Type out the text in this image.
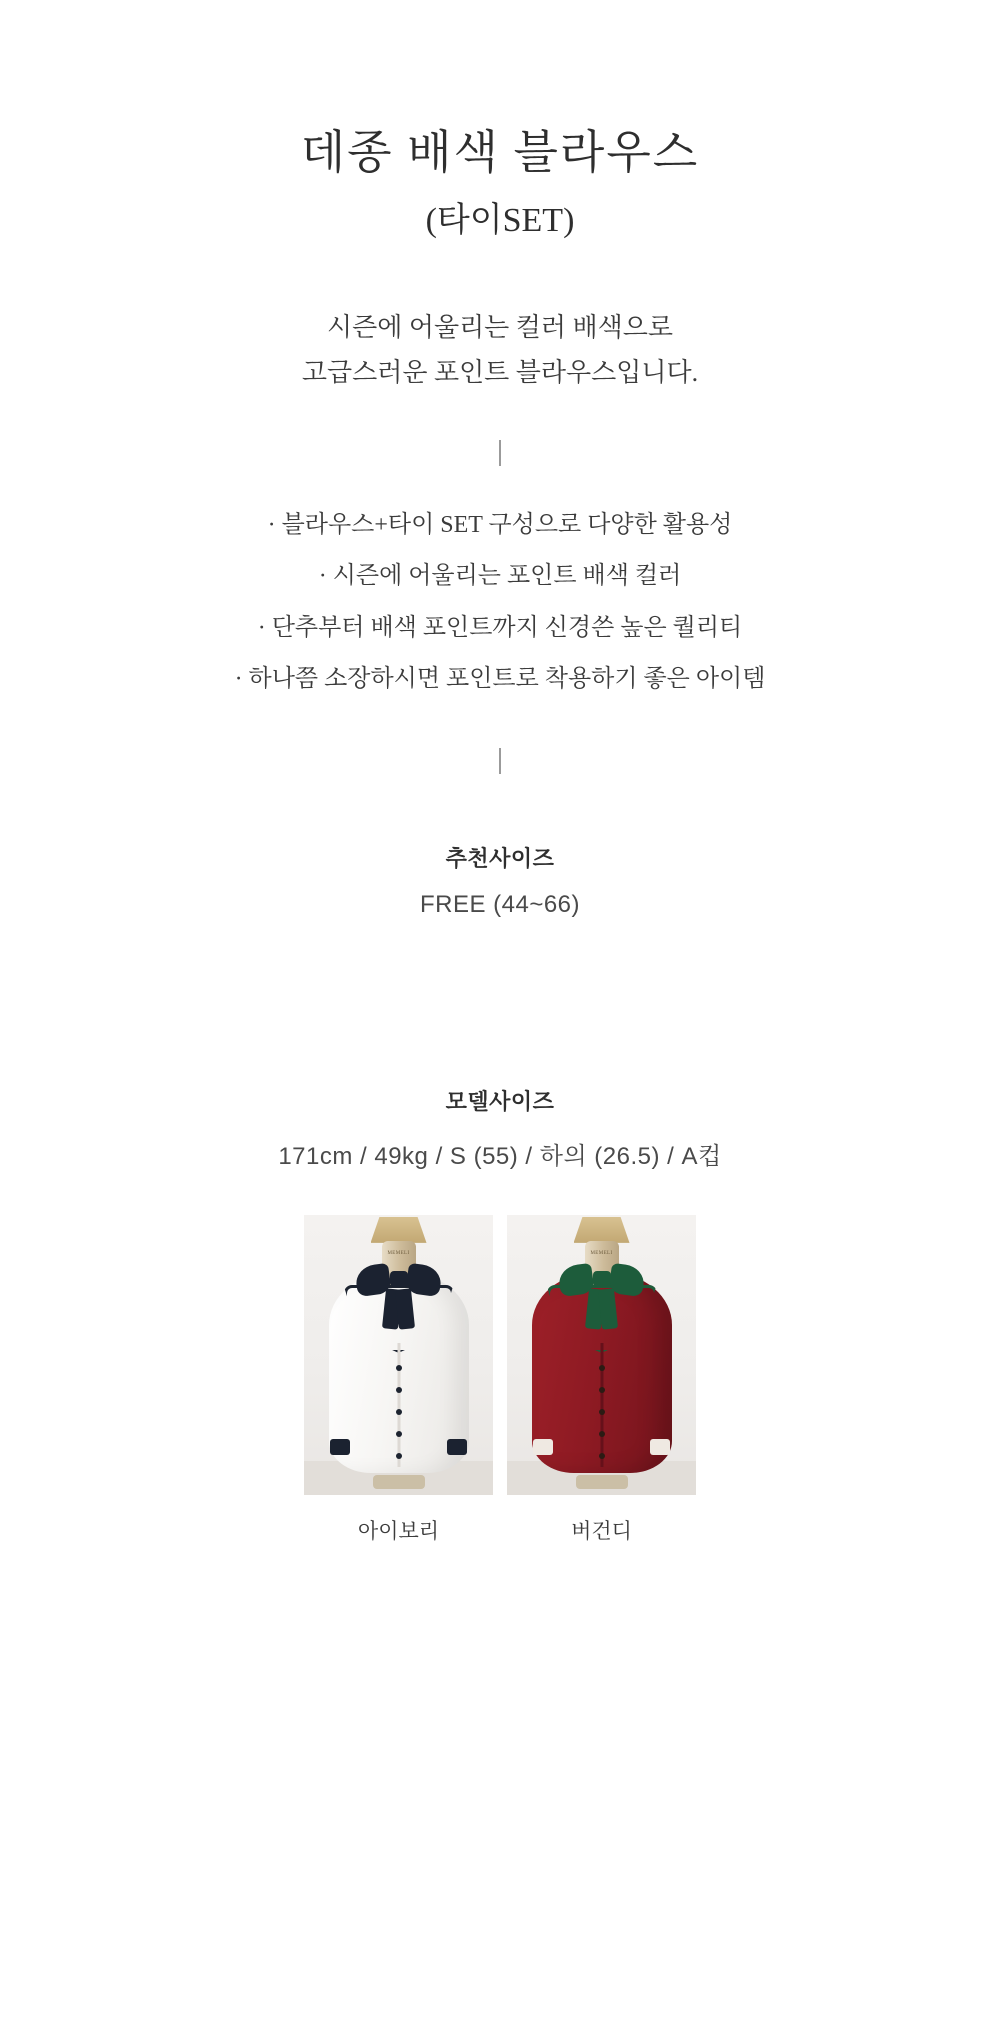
데종 배색 블라우스
(타이SET)
시즌에 어울리는 컬러 배색으로
고급스러운 포인트 블라우스입니다.
· 블라우스+타이 SET 구성으로 다양한 활용성
· 시즌에 어울리는 포인트 배색 컬러
· 단추부터 배색 포인트까지 신경쓴 높은 퀄리티
· 하나쯤 소장하시면 포인트로 착용하기 좋은 아이템
추천사이즈
FREE (44~66)
모델사이즈
171cm / 49kg / S (55) / 하의 (26.5) / A컵
MEMELI
아이보리
MEMELI
버건디
